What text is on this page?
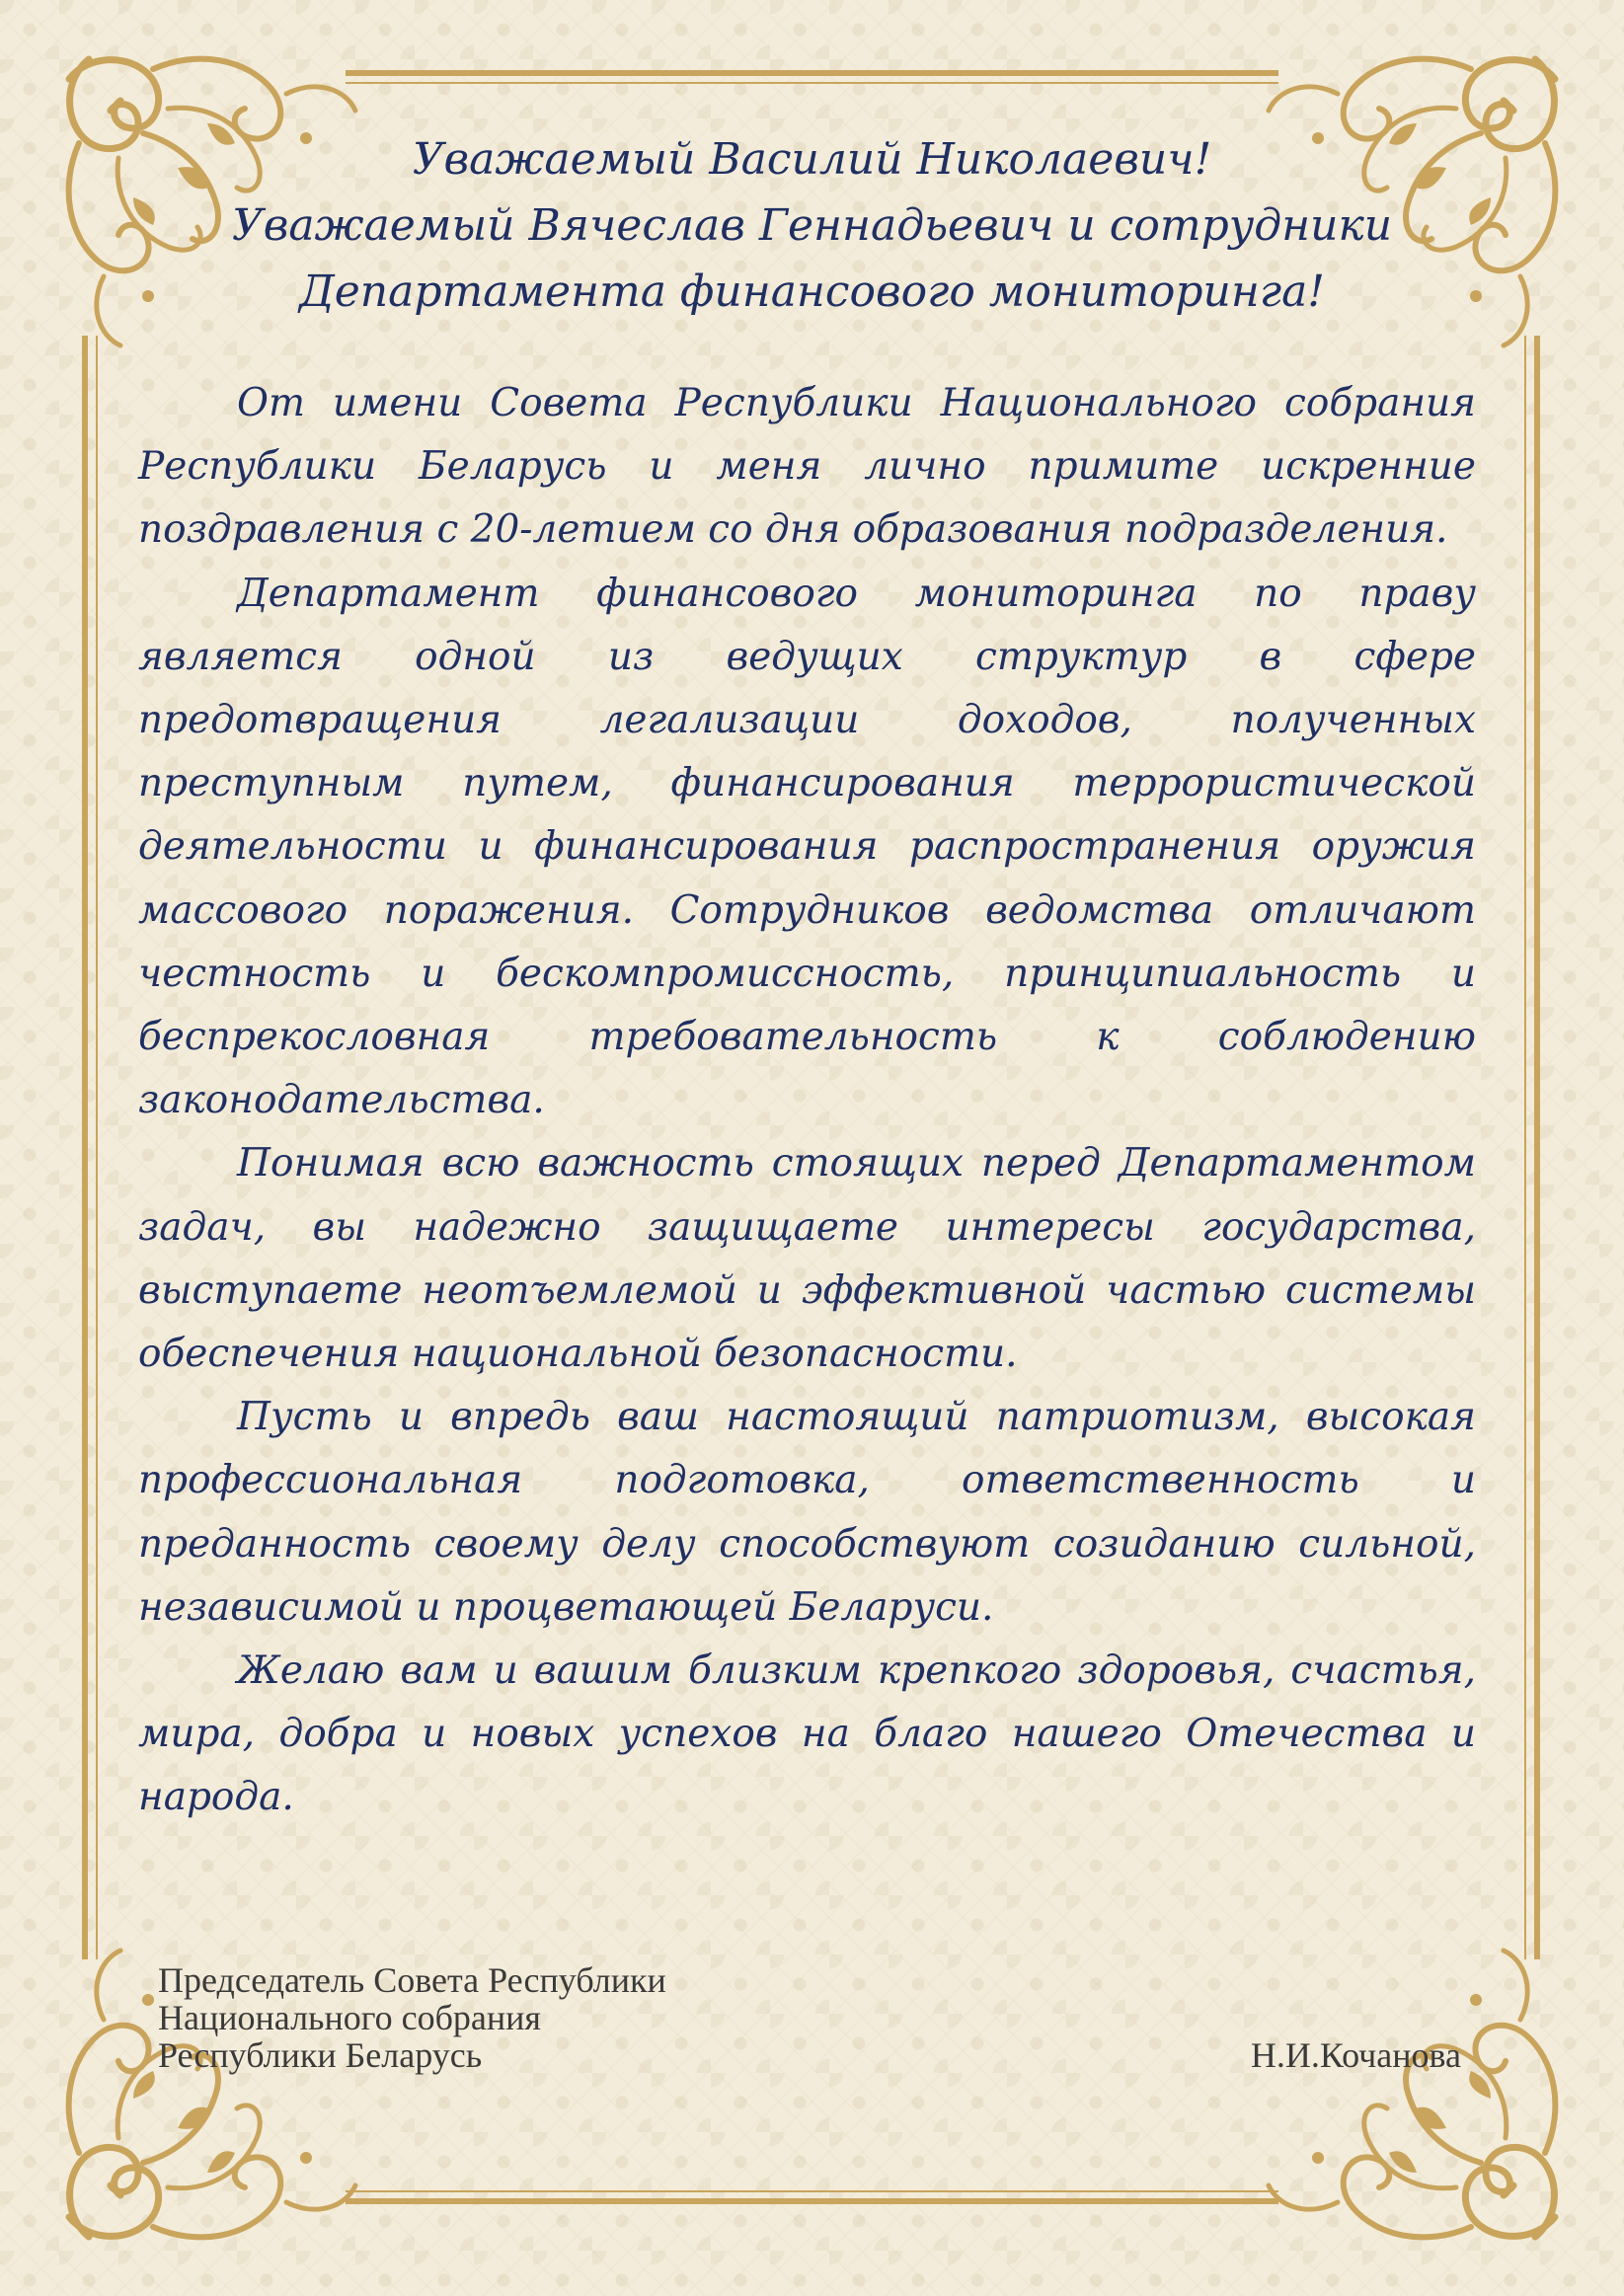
Уважаемый Василий Николаевич!
Уважаемый Вячеслав Геннадьевич и сотрудники
Департамента финансового мониторинга!

От имени Совета Республики Национального собрания Республики Беларусь и меня лично примите искренние поздравления с 20-летием со дня образования подразделения.

Департамент финансового мониторинга по праву является одной из ведущих структур в сфере предотвращения легализации доходов, полученных преступным путем, финансирования террористической деятельности и финансирования распространения оружия массового поражения. Сотрудников ведомства отличают честность и бескомпромиссность, принципиальность и беспрекословная требовательность к соблюдению законодательства.

Понимая всю важность стоящих перед Департаментом задач, вы надежно защищаете интересы государства, выступаете неотъемлемой и эффективной частью системы обеспечения национальной безопасности.

Пусть и впредь ваш настоящий патриотизм, высокая профессиональная подготовка, ответственность и преданность своему делу способствуют созиданию сильной, независимой и процветающей Беларуси.

Желаю вам и вашим близким крепкого здоровья, счастья, мира, добра и новых успехов на благо нашего Отечества и народа.

Председатель Совета Республики
Национального собрания
Республики Беларусь	Н.И.Кочанова
